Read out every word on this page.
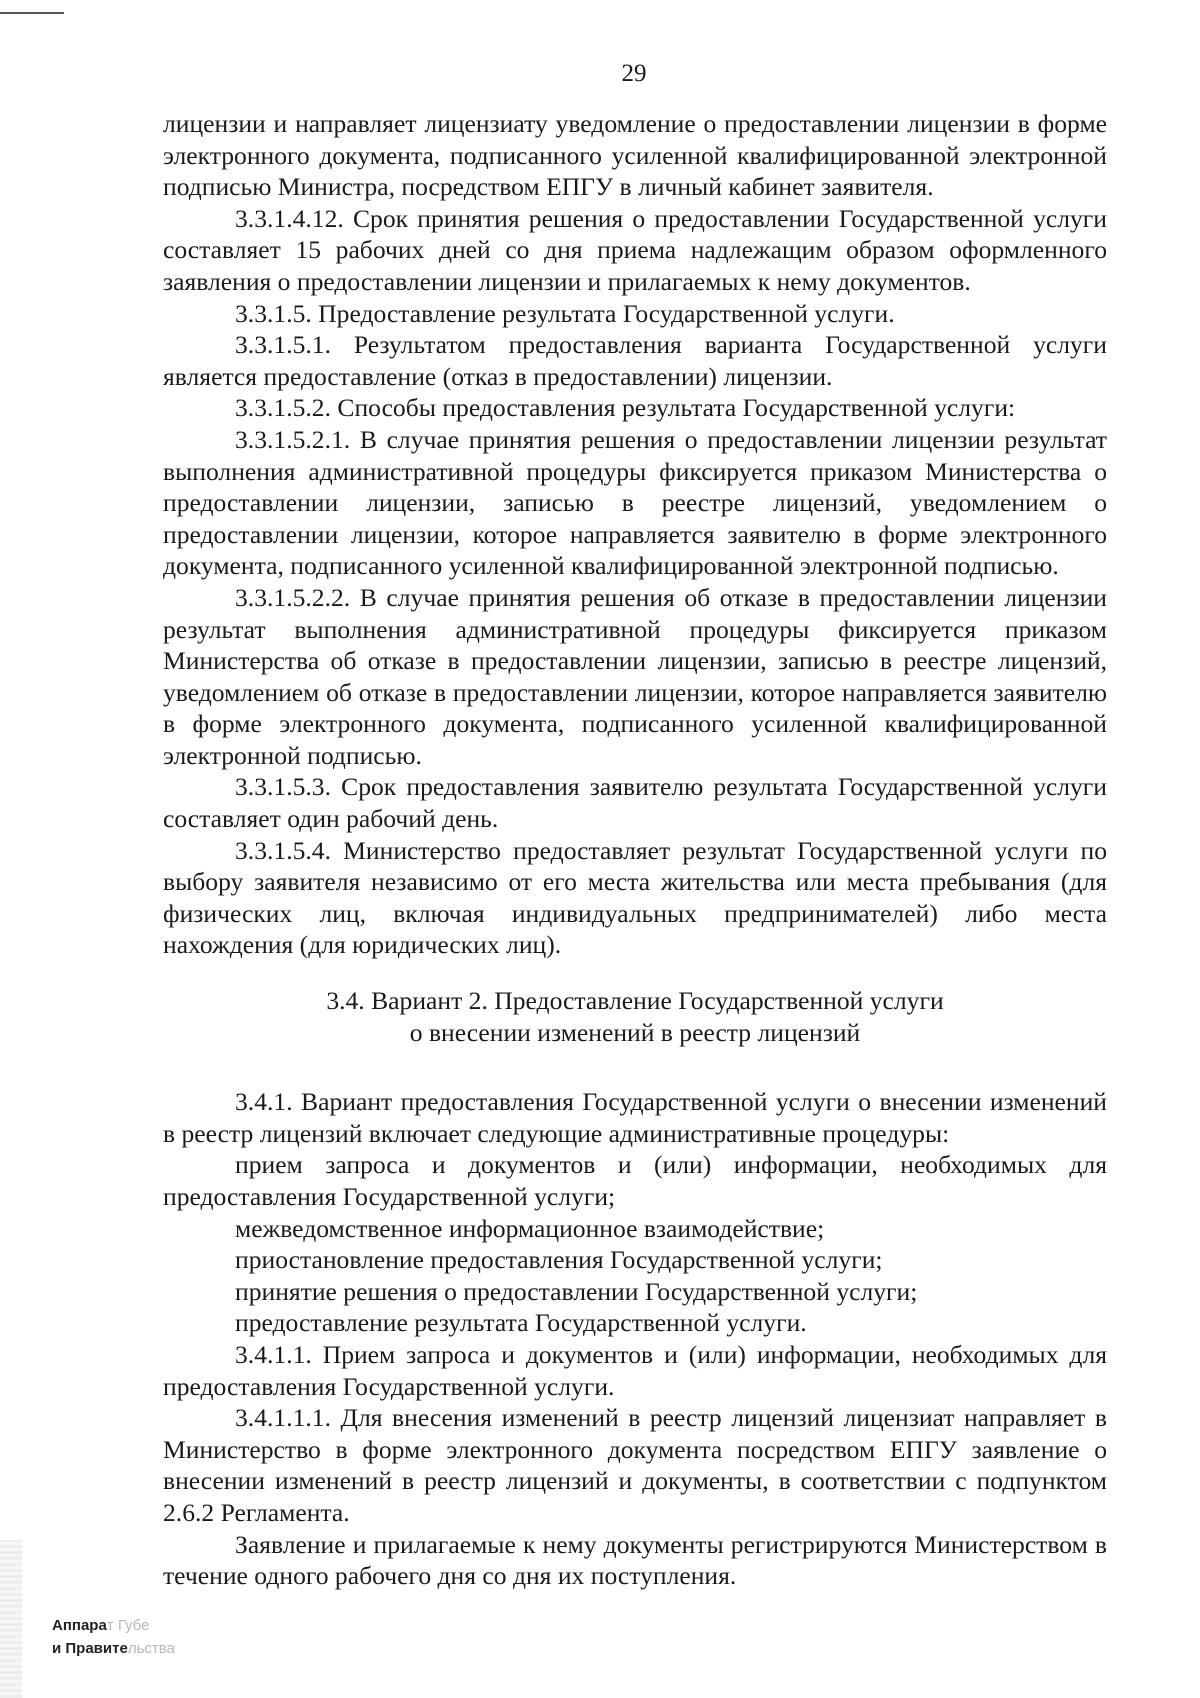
29

лицензии и направляет лицензиату уведомление о предоставлении лицензии в форме электронного документа, подписанного усиленной квалифицированной электронной подписью Министра, посредством ЕПГУ в личный кабинет заявителя.

3.3.1.4.12. Срок принятия решения о предоставлении Государственной услуги составляет 15 рабочих дней со дня приема надлежащим образом оформленного заявления о предоставлении лицензии и прилагаемых к нему документов.

3.3.1.5. Предоставление результата Государственной услуги.

3.3.1.5.1. Результатом предоставления варианта Государственной услуги является предоставление (отказ в предоставлении) лицензии.

3.3.1.5.2. Способы предоставления результата Государственной услуги:

3.3.1.5.2.1. В случае принятия решения о предоставлении лицензии результат выполнения административной процедуры фиксируется приказом Министерства о предоставлении лицензии, записью в реестре лицензий, уведомлением о предоставлении лицензии, которое направляется заявителю в форме электронного документа, подписанного усиленной квалифицированной электронной подписью.

3.3.1.5.2.2. В случае принятия решения об отказе в предоставлении лицензии результат выполнения административной процедуры фиксируется приказом Министерства об отказе в предоставлении лицензии, записью в реестре лицензий, уведомлением об отказе в предоставлении лицензии, которое направляется заявителю в форме электронного документа, подписанного усиленной квалифицированной электронной подписью.

3.3.1.5.3. Срок предоставления заявителю результата Государственной услуги составляет один рабочий день.

3.3.1.5.4. Министерство предоставляет результат Государственной услуги по выбору заявителя независимо от его места жительства или места пребывания (для физических лиц, включая индивидуальных предпринимателей) либо места нахождения (для юридических лиц).

3.4. Вариант 2. Предоставление Государственной услуги
о внесении изменений в реестр лицензий

3.4.1. Вариант предоставления Государственной услуги о внесении изменений в реестр лицензий включает следующие административные процедуры:

прием запроса и документов и (или) информации, необходимых для предоставления Государственной услуги;

межведомственное информационное взаимодействие;

приостановление предоставления Государственной услуги;

принятие решения о предоставлении Государственной услуги;

предоставление результата Государственной услуги.

3.4.1.1. Прием запроса и документов и (или) информации, необходимых для предоставления Государственной услуги.

3.4.1.1.1. Для внесения изменений в реестр лицензий лицензиат направляет в Министерство в форме электронного документа посредством ЕПГУ заявление о внесении изменений в реестр лицензий и документы, в соответствии с подпунктом 2.6.2 Регламента.

Заявление и прилагаемые к нему документы регистрируются Министерством в течение одного рабочего дня со дня их поступления.

Аппарат Губе
и Правительства
